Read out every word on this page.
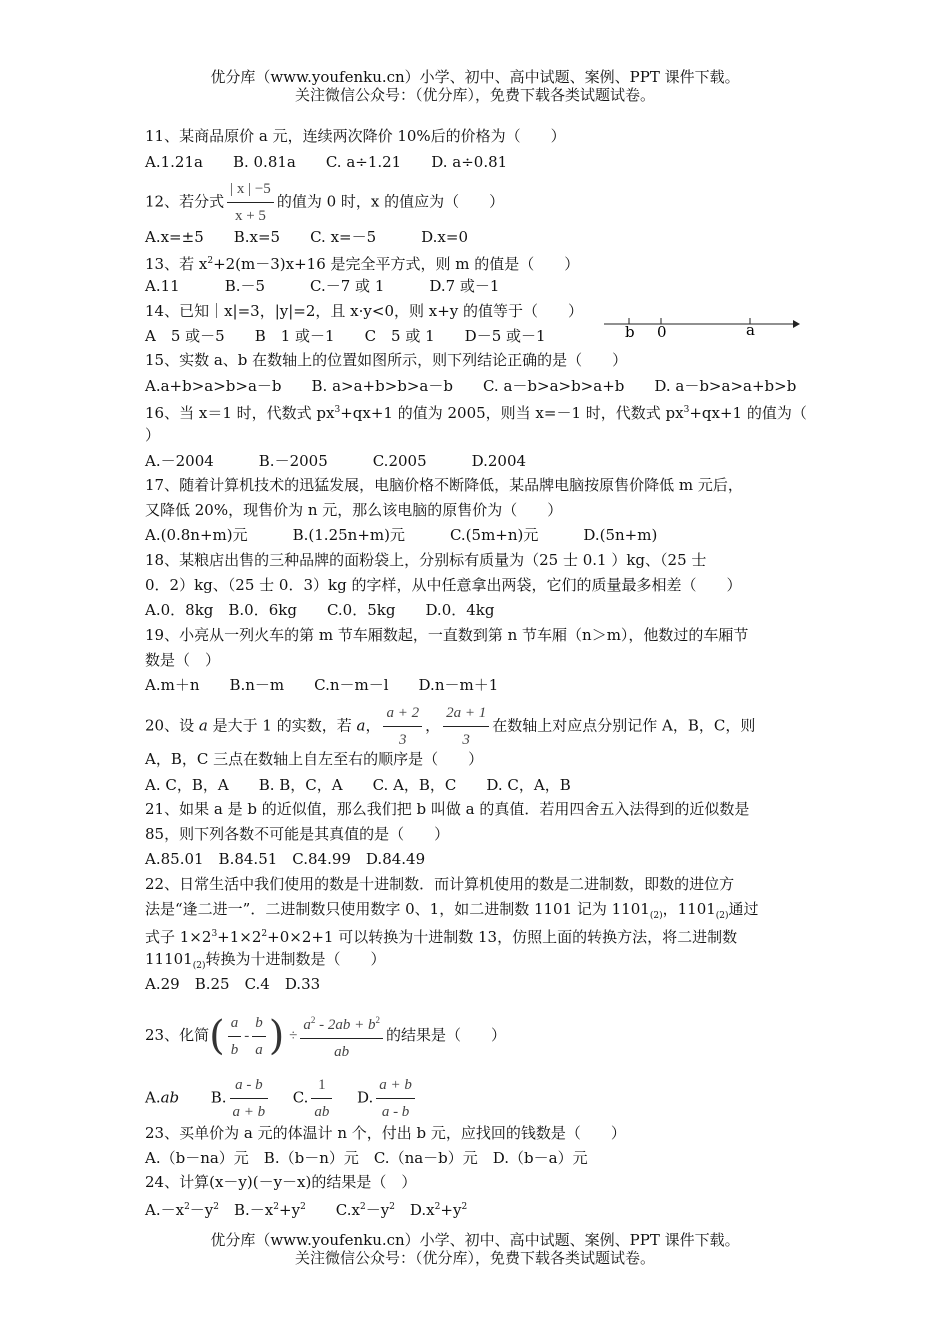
优分库（www.youfenku.cn）小学、初中、高中试题、案例、PPT 课件下载。
关注微信公众号：（优分库），免费下载各类试题试卷。
11、某商品原价 a 元，连续两次降价 10%后的价格为（　　）
A.1.21a　　B. 0.81a　　C. a÷1.21　　D. a÷0.81
12、若分式 $\frac{| x | -5}{x + 5}$ 的值为 0 时，x 的值应为（　　）
A.x=±5　　B.x=5　　C. x=－5　　　D.x=0
13、若 $x^2+2(m-3)x+16$ 是完全平方式，则 m 的值是（　　）
A.11　　　B.－5　　　C.－7 或 1　　　D.7 或－1
14、已知｜x|=3，|y|=2，且 x·y<0，则 x+y 的值等于（　　）
A　5 或－5　　B　1 或－1　　C　5 或 1　　D－5 或－1	b 0	a
15、实数 a、b 在数轴上的位置如图所示，则下列结论正确的是（　　）
A.a+b>a>b>a－b　　B. a>a+b>b>a－b　　C. a－b>a>b>a+b　　D. a－b>a>a+b>b
16、当 x＝1 时，代数式 $px^3+qx+1$ 的值为 2005，则当 x=－1 时，代数式 $px^3+qx+1$ 的值为（
）
A.－2004　　　B.－2005　　　C.2005　　　D.2004
17、随着计算机技术的迅猛发展，电脑价格不断降低，某品牌电脑按原售价降低 m 元后，
又降低 20%，现售价为 n 元，那么该电脑的原售价为（　　）
A.(0.8n+m)元　　　B.(1.25n+m)元　　　C.(5m+n)元　　　D.(5n+m)
18、某粮店出售的三种品牌的面粉袋上，分别标有质量为（25 士 0.1 ）kg、（25 士
0．2）kg、（25 士 0．3）kg 的字样，从中任意拿出两袋，它们的质量最多相差（　　）
A.0．8kg　B.0．6kg　　C.0．5kg　　D.0．4kg
19、小亮从一列火车的第 m 节车厢数起，一直数到第 n 节车厢（n＞m），他数过的车厢节
数是（　）
A.m＋n　　B.n－m　　C.n－m－l　　D.n－m＋1
20、设 a 是大于 1 的实数，若 a， $\frac{a + 2}{3}$ ， $\frac{2a + 1}{3}$ 在数轴上对应点分别记作 A，B，C，则
A，B，C 三点在数轴上自左至右的顺序是（　　）
A. C，B，A　　B. B，C，A　　C. A，B，C　　D. C，A，B
21、如果 a 是 b 的近似值，那么我们把 b 叫做 a 的真值．若用四舍五入法得到的近似数是
85，则下列各数不可能是其真值的是（　　）
A.85.01　B.84.51　C.84.99　D.84.49
22、日常生活中我们使用的数是十进制数．而计算机使用的数是二进制数，即数的进位方
法是“逢二进一”．二进制数只使用数字 0、1，如二进制数 1101 记为 $1101_{(2)}$，$1101_{(2)}$通过
式子 $1\times 2^3+1\times 2^2+0\times 2+1$ 可以转换为十进制数 13，仿照上面的转换方法，将二进制数
$11101_{(2)}$转换为十进制数是（　　）
A.29　B.25　C.4　D.33
23、化简( $\frac{a}{b} - \frac{b}{a}$ ) ÷ $\frac{a^2 - 2ab + b^2}{ab}$ 的结果是（　　）
A.ab B. $\frac{a - b}{a + b} C$. $\frac{1}{ab} D$. $\frac{a + b}{a - b}$
23、买单价为 a 元的体温计 n 个，付出 b 元，应找回的钱数是（　　）
A.（b－na）元　B.（b－n）元　C.（na－b）元　D.（b－a）元
24、计算(x－y)(－y－x)的结果是（　）
$A.-x^2-y^2$　$B.-x^2+y^2$　　$C.x^2-y^2$　$D.x^2+y^2$
优分库（www.youfenku.cn）小学、初中、高中试题、案例、PPT 课件下载。
关注微信公众号：（优分库），免费下载各类试题试卷。
